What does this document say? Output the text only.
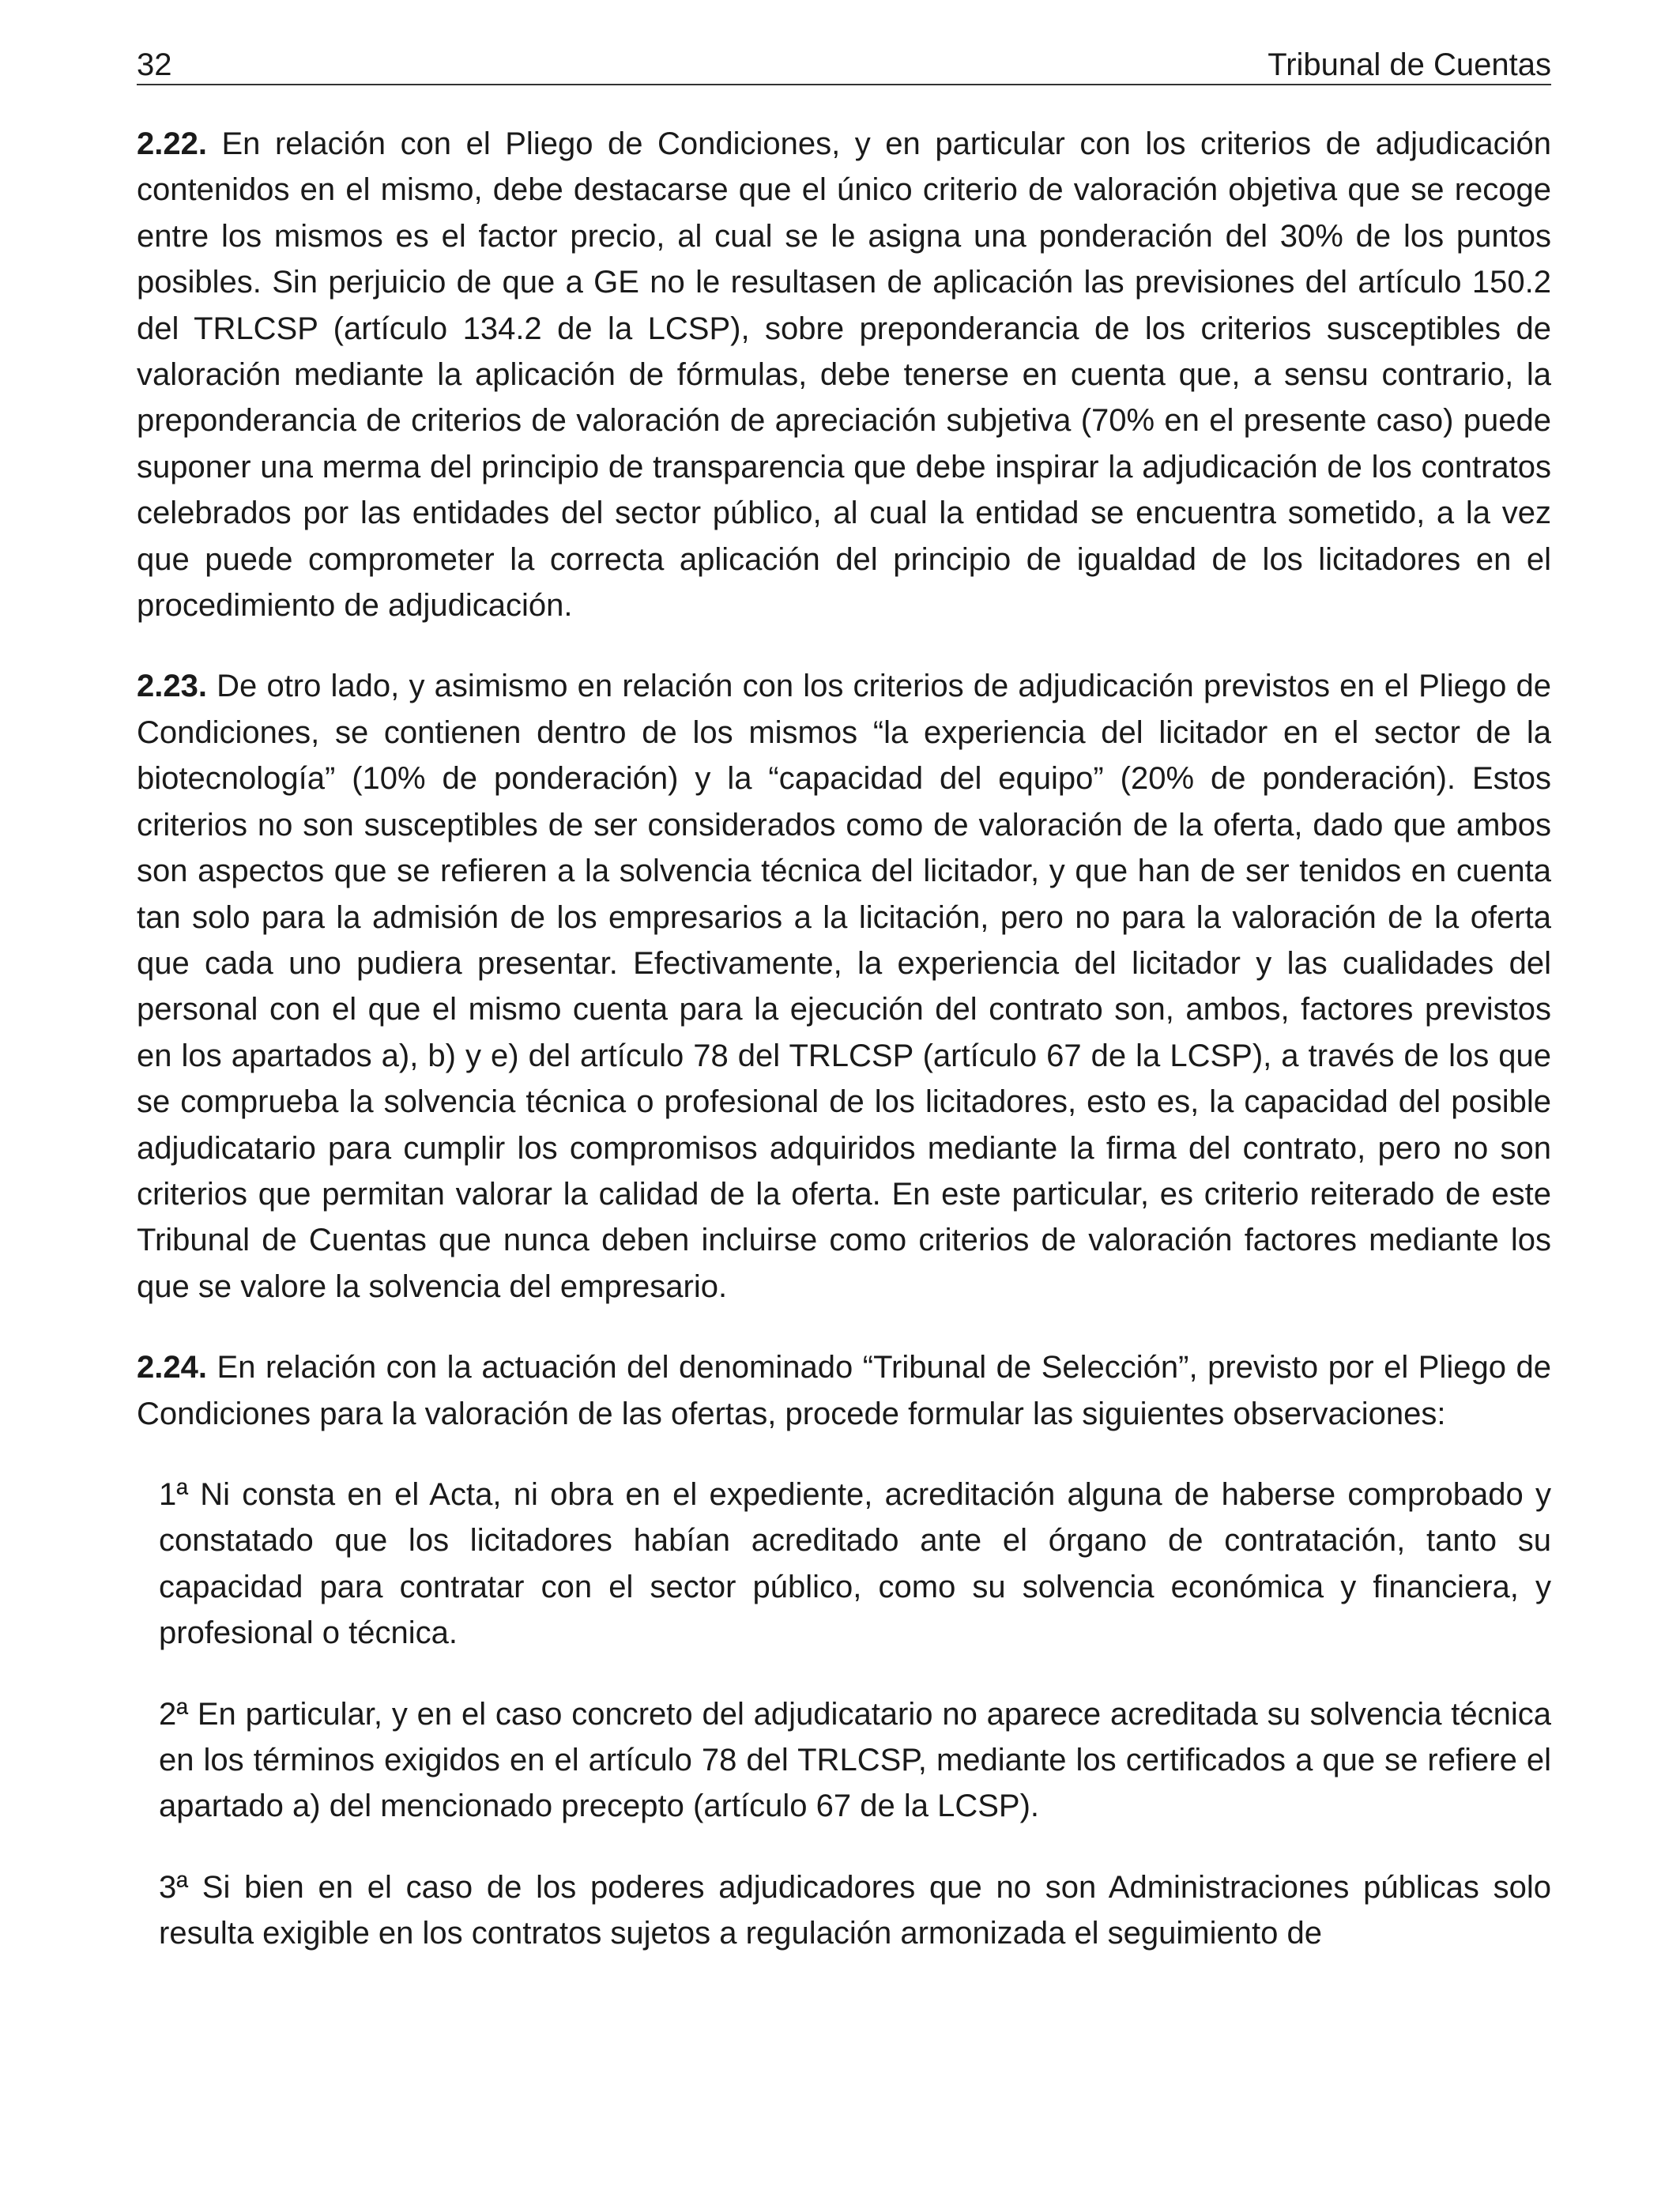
32	Tribunal de Cuentas

2.22. En relación con el Pliego de Condiciones, y en particular con los criterios de adjudicación contenidos en el mismo, debe destacarse que el único criterio de valoración objetiva que se recoge entre los mismos es el factor precio, al cual se le asigna una ponderación del 30% de los puntos posibles. Sin perjuicio de que a GE no le resultasen de aplicación las previsiones del artículo 150.2 del TRLCSP (artículo 134.2 de la LCSP), sobre preponderancia de los criterios susceptibles de valoración mediante la aplicación de fórmulas, debe tenerse en cuenta que, a sensu contrario, la preponderancia de criterios de valoración de apreciación subjetiva (70% en el presente caso) puede suponer una merma del principio de transparencia que debe inspirar la adjudicación de los contratos celebrados por las entidades del sector público, al cual la entidad se encuentra sometido, a la vez que puede comprometer la correcta aplicación del principio de igualdad de los licitadores en el procedimiento de adjudicación.

2.23. De otro lado, y asimismo en relación con los criterios de adjudicación previstos en el Pliego de Condiciones, se contienen dentro de los mismos “la experiencia del licitador en el sector de la biotecnología” (10% de ponderación) y la “capacidad del equipo” (20% de ponderación). Estos criterios no son susceptibles de ser considerados como de valoración de la oferta, dado que ambos son aspectos que se refieren a la solvencia técnica del licitador, y que han de ser tenidos en cuenta tan solo para la admisión de los empresarios a la licitación, pero no para la valoración de la oferta que cada uno pudiera presentar. Efectivamente, la experiencia del licitador y las cualidades del personal con el que el mismo cuenta para la ejecución del contrato son, ambos, factores previstos en los apartados a), b) y e) del artículo 78 del TRLCSP (artículo 67 de la LCSP), a través de los que se comprueba la solvencia técnica o profesional de los licitadores, esto es, la capacidad del posible adjudicatario para cumplir los compromisos adquiridos mediante la firma del contrato, pero no son criterios que permitan valorar la calidad de la oferta. En este particular, es criterio reiterado de este Tribunal de Cuentas que nunca deben incluirse como criterios de valoración factores mediante los que se valore la solvencia del empresario.

2.24. En relación con la actuación del denominado “Tribunal de Selección”, previsto por el Pliego de Condiciones para la valoración de las ofertas, procede formular las siguientes observaciones:

1ª Ni consta en el Acta, ni obra en el expediente, acreditación alguna de haberse comprobado y constatado que los licitadores habían acreditado ante el órgano de contratación, tanto su capacidad para contratar con el sector público, como su solvencia económica y financiera, y profesional o técnica.

2ª En particular, y en el caso concreto del adjudicatario no aparece acreditada su solvencia técnica en los términos exigidos en el artículo 78 del TRLCSP, mediante los certificados a que se refiere el apartado a) del mencionado precepto (artículo 67 de la LCSP).

3ª Si bien en el caso de los poderes adjudicadores que no son Administraciones públicas solo resulta exigible en los contratos sujetos a regulación armonizada el seguimiento de
